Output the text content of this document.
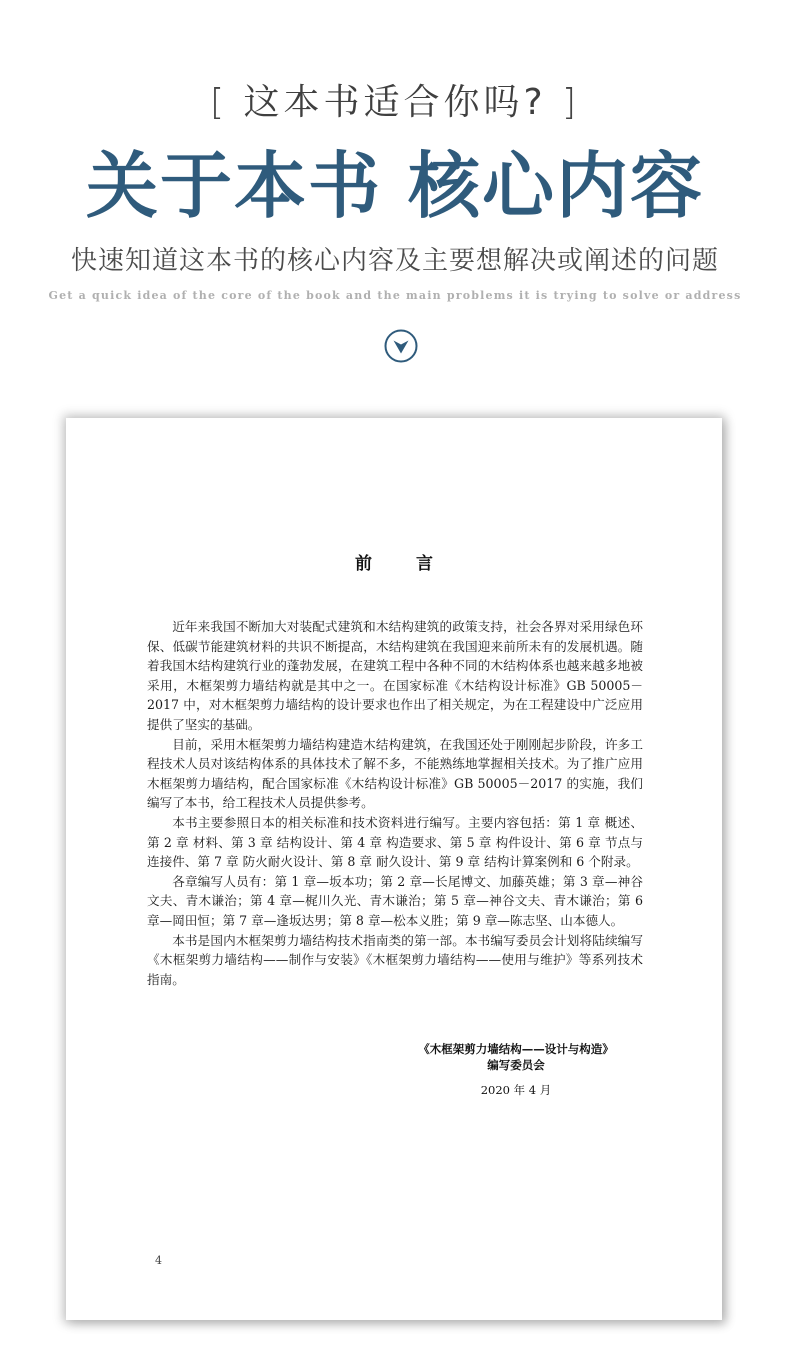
[ 这本书适合你吗? ]
关于本书 核心内容
快速知道这本书的核心内容及主要想解决或阐述的问题
Get a quick idea of the core of the book and the main problems it is trying to solve or address
前	言

近年来我国不断加大对装配式建筑和木结构建筑的政策支持，社会各界对采用绿色环保、低碳节能建筑材料的共识不断提高，木结构建筑在我国迎来前所未有的发展机遇。随着我国木结构建筑行业的蓬勃发展，在建筑工程中各种不同的木结构体系也越来越多地被采用，木框架剪力墙结构就是其中之一。在国家标准《木结构设计标准》GB 50005－2017 中，对木框架剪力墙结构的设计要求也作出了相关规定，为在工程建设中广泛应用提供了坚实的基础。

目前，采用木框架剪力墙结构建造木结构建筑，在我国还处于刚刚起步阶段，许多工程技术人员对该结构体系的具体技术了解不多，不能熟练地掌握相关技术。为了推广应用木框架剪力墙结构，配合国家标准《木结构设计标准》GB 50005－2017 的实施，我们编写了本书，给工程技术人员提供参考。

本书主要参照日本的相关标准和技术资料进行编写。主要内容包括：第 1 章 概述、第 2 章 材料、第 3 章 结构设计、第 4 章 构造要求、第 5 章 构件设计、第 6 章 节点与连接件、第 7 章 防火耐火设计、第 8 章 耐久设计、第 9 章 结构计算案例和 6 个附录。

各章编写人员有：第 1 章—坂本功；第 2 章—长尾博文、加藤英雄；第 3 章—神谷文夫、青木谦治；第 4 章—梶川久光、青木谦治；第 5 章—神谷文夫、青木谦治；第 6 章—岡田恒；第 7 章—逢坂达男；第 8 章—松本义胜；第 9 章—陈志坚、山本德人。

本书是国内木框架剪力墙结构技术指南类的第一部。本书编写委员会计划将陆续编写《木框架剪力墙结构——制作与安装》《木框架剪力墙结构——使用与维护》等系列技术指南。

《木框架剪力墙结构——设计与构造》
编写委员会
2020 年 4 月
4
